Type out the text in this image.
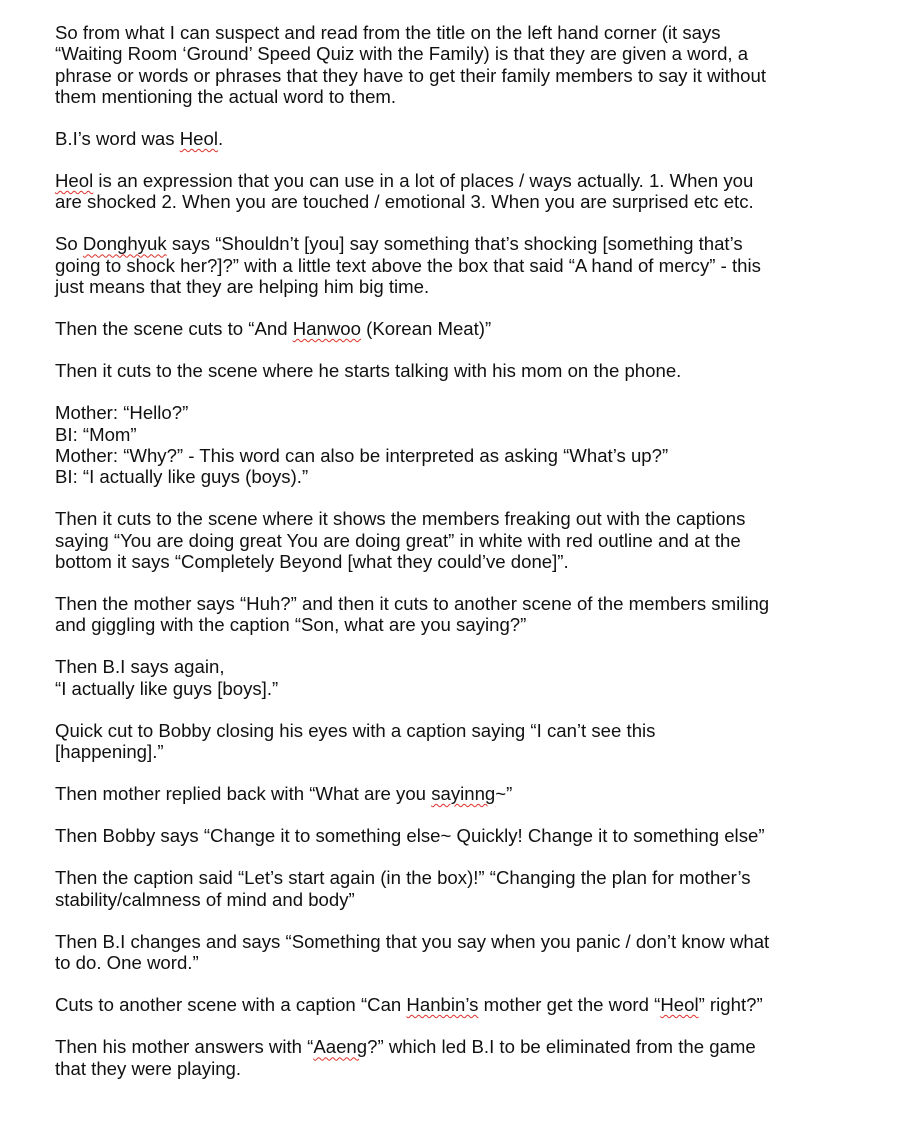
So from what I can suspect and read from the title on the left hand corner (it says
“Waiting Room ‘Ground’ Speed Quiz with the Family) is that they are given a word, a
phrase or words or phrases that they have to get their family members to say it without
them mentioning the actual word to them.

B.I’s word was Heol.

Heol is an expression that you can use in a lot of places / ways actually. 1. When you
are shocked 2. When you are touched / emotional 3. When you are surprised etc etc.

So Donghyuk says “Shouldn’t [you] say something that’s shocking [something that’s
going to shock her?]?” with a little text above the box that said “A hand of mercy” - this
just means that they are helping him big time.

Then the scene cuts to “And Hanwoo (Korean Meat)”

Then it cuts to the scene where he starts talking with his mom on the phone.

Mother: “Hello?”
BI: “Mom”
Mother: “Why?” - This word can also be interpreted as asking “What’s up?”
BI: “I actually like guys (boys).”

Then it cuts to the scene where it shows the members freaking out with the captions
saying “You are doing great You are doing great” in white with red outline and at the
bottom it says “Completely Beyond [what they could’ve done]”.

Then the mother says “Huh?” and then it cuts to another scene of the members smiling
and giggling with the caption “Son, what are you saying?”

Then B.I says again,
“I actually like guys [boys].”

Quick cut to Bobby closing his eyes with a caption saying “I can’t see this
[happening].”

Then mother replied back with “What are you sayinng~”

Then Bobby says “Change it to something else~ Quickly! Change it to something else”

Then the caption said “Let’s start again (in the box)!” “Changing the plan for mother’s
stability/calmness of mind and body”

Then B.I changes and says “Something that you say when you panic / don’t know what
to do. One word.”

Cuts to another scene with a caption “Can Hanbin’s mother get the word “Heol” right?”

Then his mother answers with “Aaeng?” which led B.I to be eliminated from the game
that they were playing.
